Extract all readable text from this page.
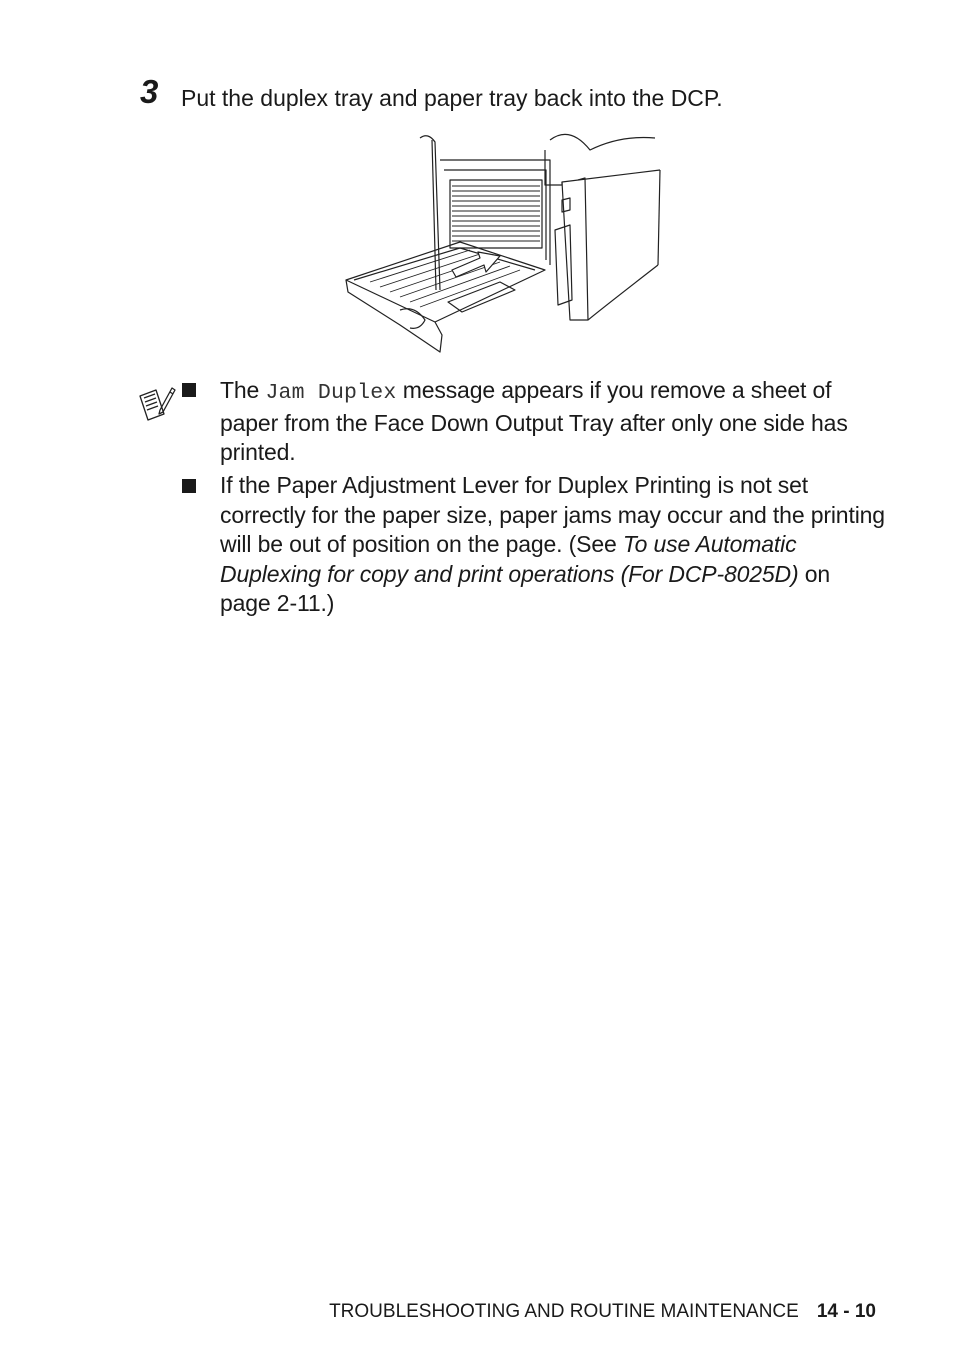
3 Put the duplex tray and paper tray back into the DCP.
The Jam Duplex message appears if you remove a sheet of paper from the Face Down Output Tray after only one side has printed.
If the Paper Adjustment Lever for Duplex Printing is not set correctly for the paper size, paper jams may occur and the printing will be out of position on the page. (See To use Automatic Duplexing for copy and print operations (For DCP-8025D) on page 2-11.)
TROUBLESHOOTING AND ROUTINE MAINTENANCE 14 - 10
